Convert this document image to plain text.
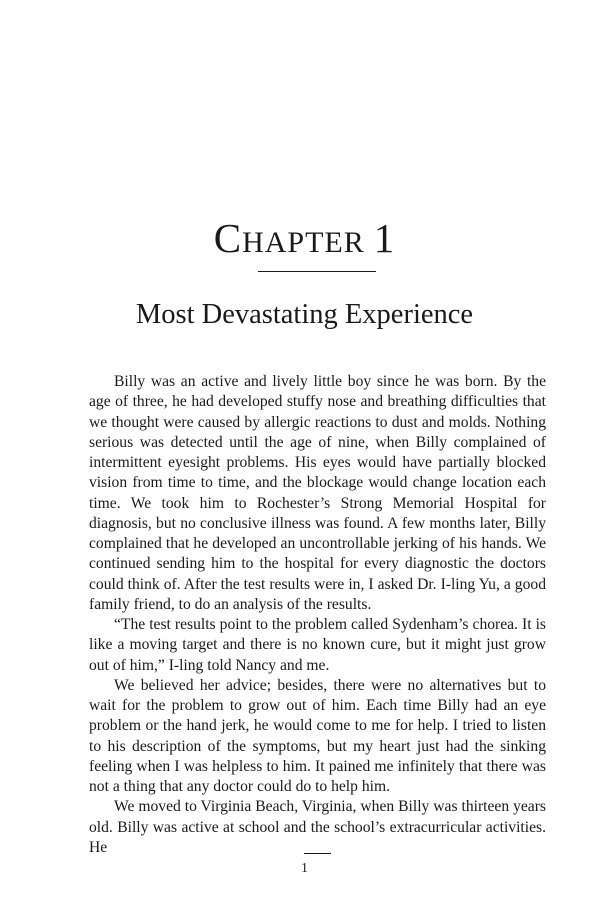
CHAPTER 1
Most Devastating Experience

Billy was an active and lively little boy since he was born. By the age of three, he had developed stuffy nose and breathing difficulties that we thought were caused by allergic reactions to dust and molds. Nothing serious was detected until the age of nine, when Billy complained of intermittent eyesight problems. His eyes would have partially blocked vision from time to time, and the blockage would change location each time. We took him to Rochester’s Strong Memorial Hospital for diagnosis, but no conclusive illness was found. A few months later, Billy complained that he developed an uncontrollable jerking of his hands. We continued sending him to the hospital for every diagnostic the doctors could think of. After the test results were in, I asked Dr. I-ling Yu, a good family friend, to do an analysis of the results.

“The test results point to the problem called Sydenham’s chorea. It is like a moving target and there is no known cure, but it might just grow out of him,” I-ling told Nancy and me.

We believed her advice; besides, there were no alternatives but to wait for the problem to grow out of him. Each time Billy had an eye problem or the hand jerk, he would come to me for help. I tried to listen to his description of the symptoms, but my heart just had the sinking feeling when I was helpless to him. It pained me infinitely that there was not a thing that any doctor could do to help him.

We moved to Virginia Beach, Virginia, when Billy was thirteen years old. Billy was active at school and the school’s extracurricular activities. He

1
